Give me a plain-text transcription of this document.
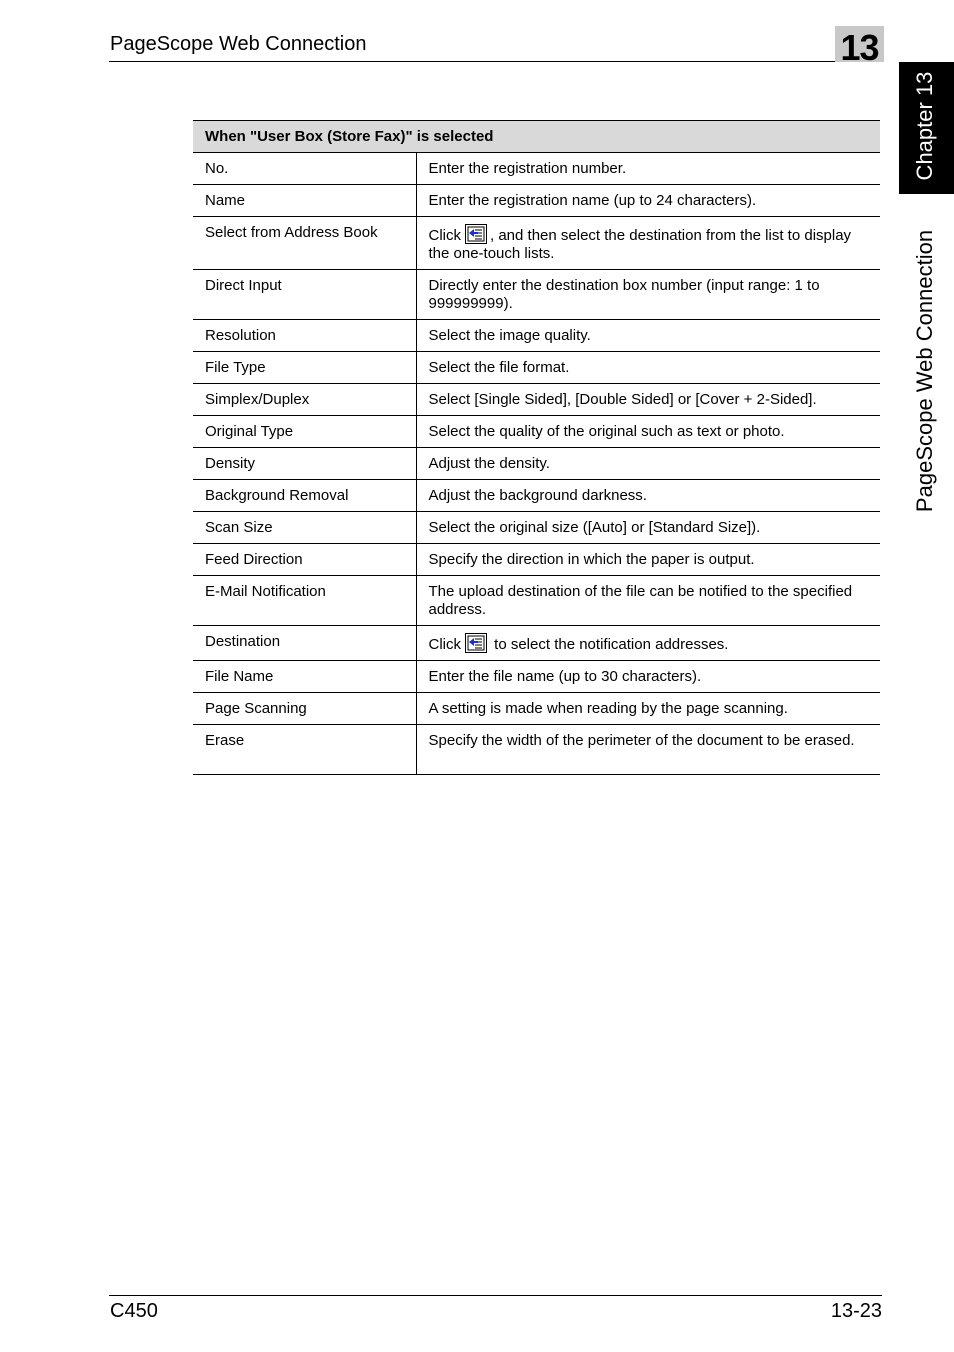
PageScope Web Connection	13
Chapter 13
PageScope Web Connection
When "User Box (Store Fax)" is selected	
No.	Enter the registration number.
Name	Enter the registration name (up to 24 characters).
Select from Address Book	Click , and then select the destination from the list to display the one-touch lists.
Direct Input	Directly enter the destination box number (input range: 1 to 999999999).
Resolution	Select the image quality.
File Type	Select the file format.
Simplex/Duplex	Select [Single Sided], [Double Sided] or [Cover + 2-Sided].
Original Type	Select the quality of the original such as text or photo.
Density	Adjust the density.
Background Removal	Adjust the background darkness.
Scan Size	Select the original size ([Auto] or [Standard Size]).
Feed Direction	Specify the direction in which the paper is output.
E-Mail Notification	The upload destination of the file can be notified to the specified address.
Destination	Click
to select the notification addresses.
File Name	Enter the file name (up to 30 characters).
Page Scanning	A setting is made when reading by the page scanning.
Erase	Specify the width of the perimeter of the document to be erased.
C450	13-23
